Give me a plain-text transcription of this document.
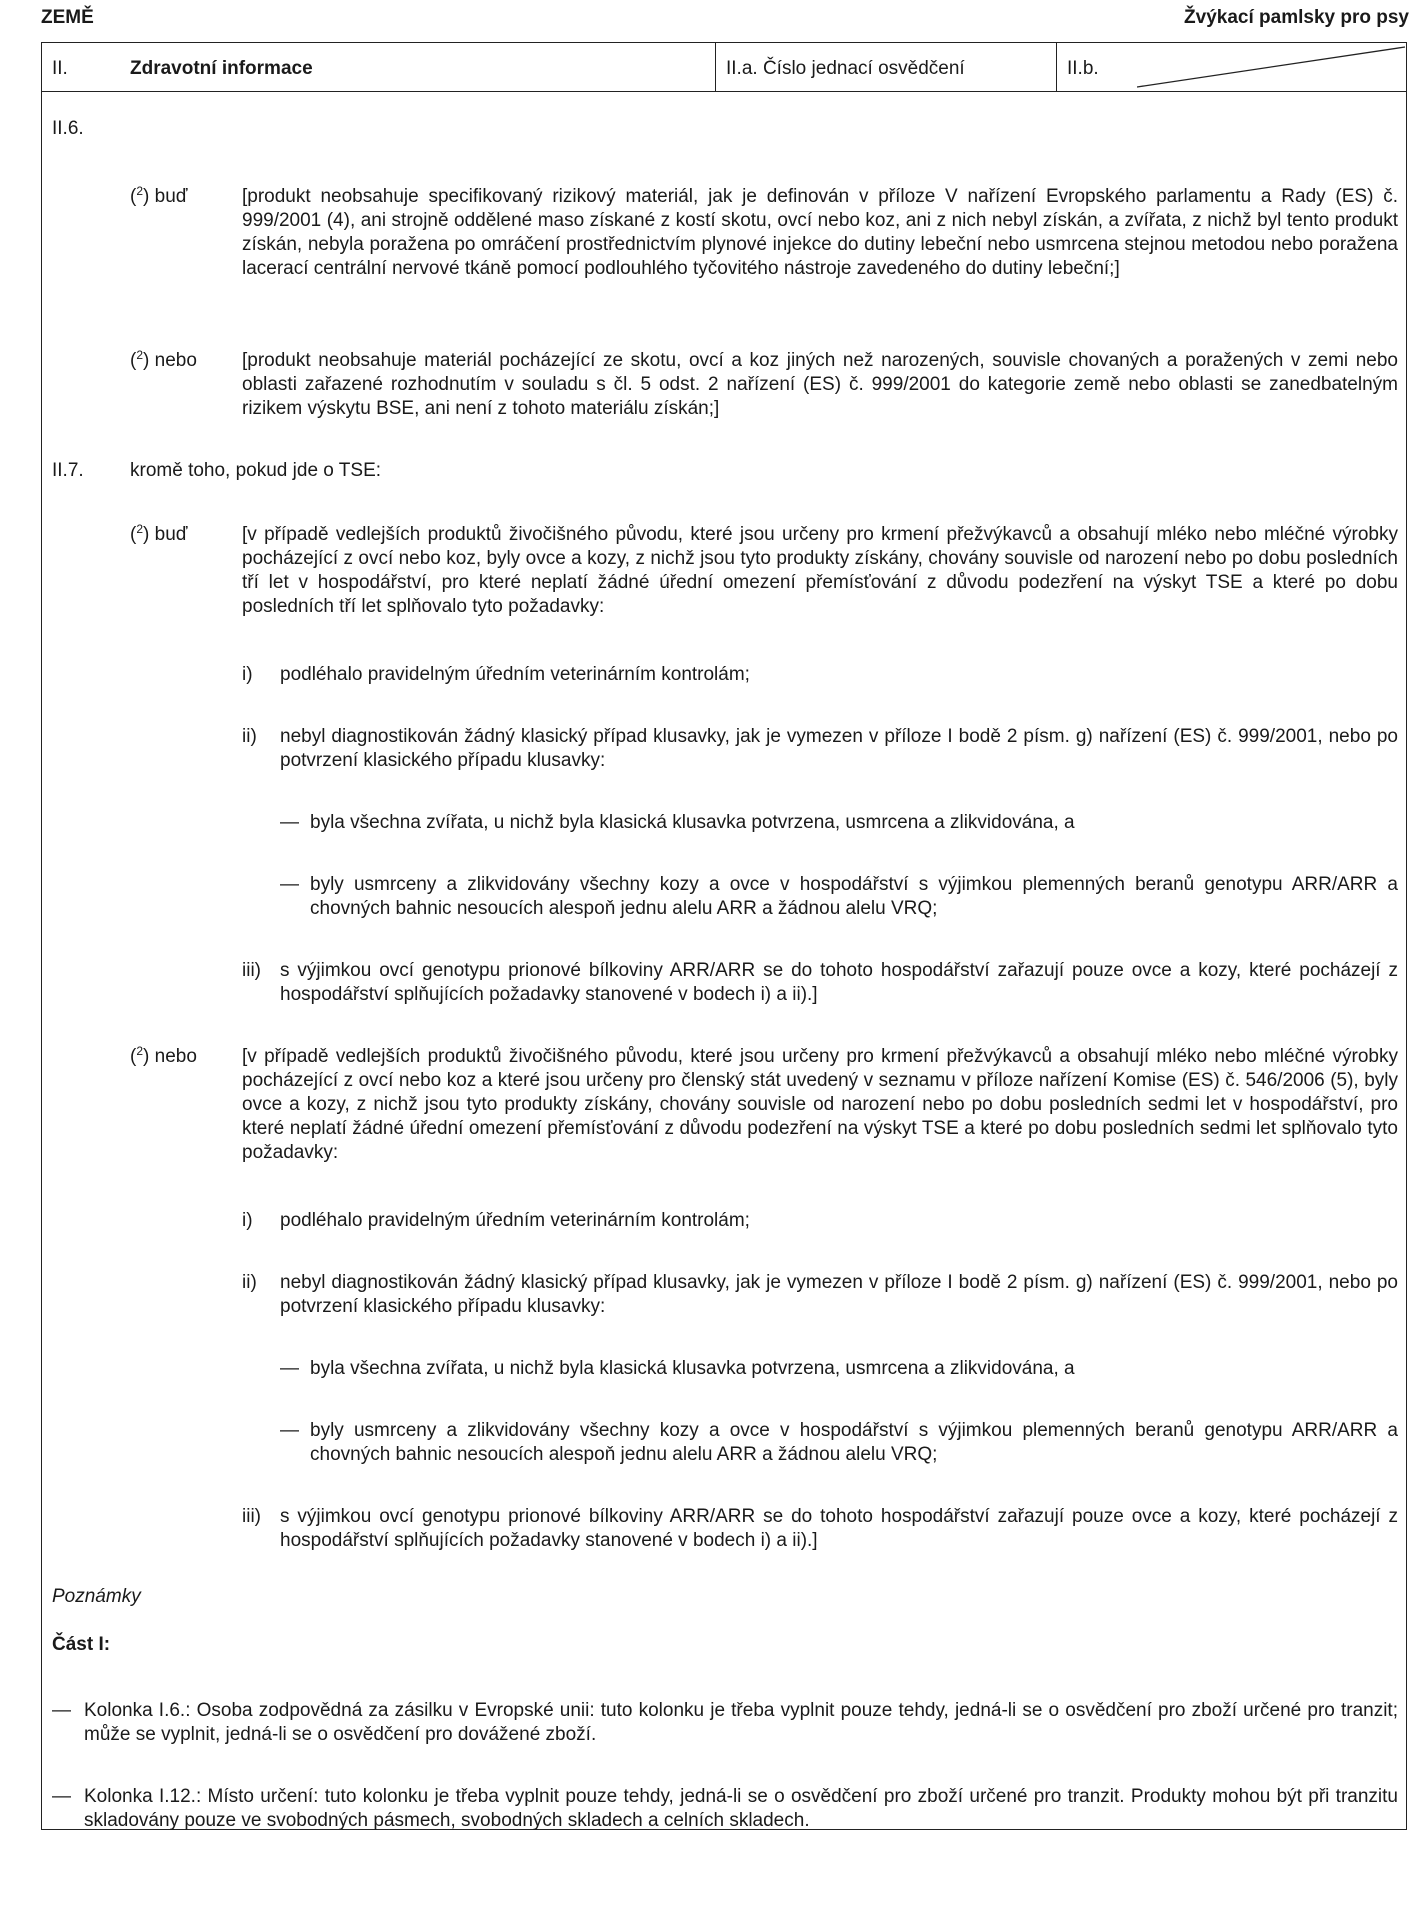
ZEMĚ	Žvýkací pamlsky pro psy
II.	Zdravotní informace	II.a. Číslo jednací osvědčení	II.b.
II.6.
($^2$) buď	[produkt neobsahuje specifikovaný rizikový materiál, jak je definován v příloze V nařízení Evropského parlamentu a Rady (ES) č. 999/2001 (4), ani strojně oddělené maso získané z kostí skotu, ovcí nebo koz, ani z nich nebyl získán, a zvířata, z nichž byl tento produkt získán, nebyla poražena po omráčení prostřednictvím plynové injekce do dutiny lebeční nebo usmrcena stejnou metodou nebo poražena lacerací centrální nervové tkáně pomocí podlouhlého tyčovitého nástroje zavedeného do dutiny lebeční;]
($^2$) nebo [produkt neobsahuje materiál pocházející ze skotu, ovcí a koz jiných než narozených, souvisle chovaných a poražených v zemi nebo oblasti zařazené rozhodnutím v souladu s čl. 5 odst. 2 nařízení (ES) č. 999/2001 do kategorie země nebo oblasti se zanedbatelným rizikem výskytu BSE, ani není z tohoto materiálu získán;]
II.7. kromě toho, pokud jde o TSE:
($^2$) buď	[v případě vedlejších produktů živočišného původu, které jsou určeny pro krmení přežvýkavců a obsahují mléko nebo mléčné výrobky pocházející z ovcí nebo koz, byly ovce a kozy, z nichž jsou tyto produkty získány, chovány souvisle od narození nebo po dobu posledních tří let v hospodářství, pro které neplatí žádné úřední omezení přemísťování z důvodu podezření na výskyt TSE a které po dobu posledních tří let splňovalo tyto požadavky:
i) podléhalo pravidelným úředním veterinárním kontrolám;
ii) nebyl diagnostikován žádný klasický případ klusavky, jak je vymezen v příloze I bodě 2 písm. g) nařízení (ES) č. 999/2001, nebo po potvrzení klasického případu klusavky:
— byla všechna zvířata, u nichž byla klasická klusavka potvrzena, usmrcena a zlikvidována, a
— byly usmrceny a zlikvidovány všechny kozy a ovce v hospodářství s výjimkou plemenných beranů genotypu ARR/ARR a chovných bahnic nesoucích alespoň jednu alelu ARR a žádnou alelu VRQ;
iii) s výjimkou ovcí genotypu prionové bílkoviny ARR/ARR se do tohoto hospodářství zařazují pouze ovce a kozy, které pocházejí z hospodářství splňujících požadavky stanovené v bodech i) a ii).]
($^2$) nebo [v případě vedlejších produktů živočišného původu, které jsou určeny pro krmení přežvýkavců a obsahují mléko nebo mléčné výrobky pocházející z ovcí nebo koz a které jsou určeny pro členský stát uvedený v seznamu v příloze nařízení Komise (ES) č. 546/2006 (5), byly ovce a kozy, z nichž jsou tyto produkty získány, chovány souvisle od narození nebo po dobu posledních sedmi let v hospodářství, pro které neplatí žádné úřední omezení přemísťování z důvodu podezření na výskyt TSE a které po dobu posledních sedmi let splňovalo tyto požadavky:
i) podléhalo pravidelným úředním veterinárním kontrolám;
ii) nebyl diagnostikován žádný klasický případ klusavky, jak je vymezen v příloze I bodě 2 písm. g) nařízení (ES) č. 999/2001, nebo po potvrzení klasického případu klusavky:
— byla všechna zvířata, u nichž byla klasická klusavka potvrzena, usmrcena a zlikvidována, a
— byly usmrceny a zlikvidovány všechny kozy a ovce v hospodářství s výjimkou plemenných beranů genotypu ARR/ARR a chovných bahnic nesoucích alespoň jednu alelu ARR a žádnou alelu VRQ;
iii) s výjimkou ovcí genotypu prionové bílkoviny ARR/ARR se do tohoto hospodářství zařazují pouze ovce a kozy, které pocházejí z hospodářství splňujících požadavky stanovené v bodech i) a ii).]
Poznámky
Část I:
— Kolonka I.6.: Osoba zodpovědná za zásilku v Evropské unii: tuto kolonku je třeba vyplnit pouze tehdy, jedná-li se o osvědčení pro zboží určené pro tranzit; může se vyplnit, jedná-li se o osvědčení pro dovážené zboží.
— Kolonka I.12.: Místo určení: tuto kolonku je třeba vyplnit pouze tehdy, jedná-li se o osvědčení pro zboží určené pro tranzit. Produkty mohou být při tranzitu skladovány pouze ve svobodných pásmech, svobodných skladech a celních skladech.
